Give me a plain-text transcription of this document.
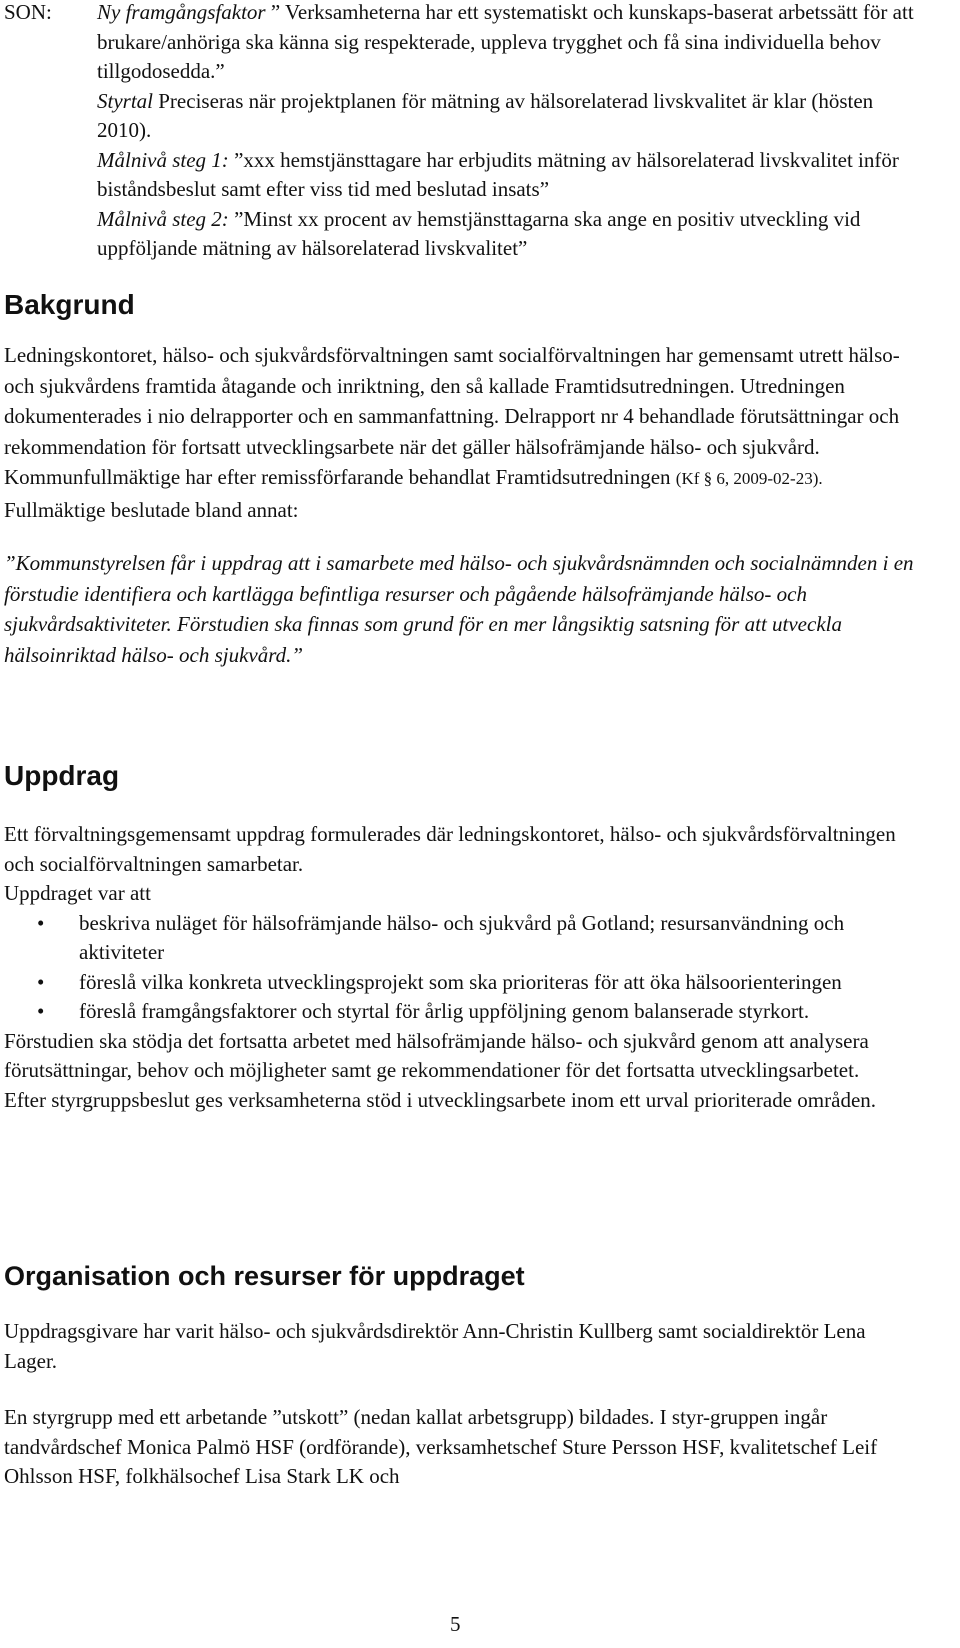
SON: Ny framgångsfaktor ” Verksamheterna har ett systematiskt och kunskaps-baserat arbetssätt för att brukare/anhöriga ska känna sig respekterade, uppleva trygghet och få sina individuella behov tillgodosedda.”

Styrtal Preciseras när projektplanen för mätning av hälsorelaterad livskvalitet är klar (hösten 2010).

Målnivå steg 1: ”xxx hemstjänsttagare har erbjudits mätning av hälsorelaterad livskvalitet inför biståndsbeslut samt efter viss tid med beslutad insats”

Målnivå steg 2: ”Minst xx procent av hemstjänsttagarna ska ange en positiv utveckling vid uppföljande mätning av hälsorelaterad livskvalitet”

Bakgrund

Ledningskontoret, hälso- och sjukvårdsförvaltningen samt socialförvaltningen har gemensamt utrett hälso- och sjukvårdens framtida åtagande och inriktning, den så kallade Framtidsutredningen. Utredningen dokumenterades i nio delrapporter och en sammanfattning. Delrapport nr 4 behandlade förutsättningar och rekommendation för fortsatt utvecklingsarbete när det gäller hälsofrämjande hälso- och sjukvård. Kommunfullmäktige har efter remissförfarande behandlat Framtidsutredningen (Kf § 6, 2009-02-23). Fullmäktige beslutade bland annat:

”Kommunstyrelsen får i uppdrag att i samarbete med hälso- och sjukvårdsnämnden och socialnämnden i en förstudie identifiera och kartlägga befintliga resurser och pågående hälsofrämjande hälso- och sjukvårdsaktiviteter. Förstudien ska finnas som grund för en mer långsiktig satsning för att utveckla hälsoinriktad hälso- och sjukvård.”

Uppdrag

Ett förvaltningsgemensamt uppdrag formulerades där ledningskontoret, hälso- och sjukvårdsförvaltningen och socialförvaltningen samarbetar.

Uppdraget var att

• beskriva nuläget för hälsofrämjande hälso- och sjukvård på Gotland; resursanvändning och aktiviteter
• föreslå vilka konkreta utvecklingsprojekt som ska prioriteras för att öka hälsoorienteringen
• föreslå framgångsfaktorer och styrtal för årlig uppföljning genom balanserade styrkort.

Förstudien ska stödja det fortsatta arbetet med hälsofrämjande hälso- och sjukvård genom att analysera förutsättningar, behov och möjligheter samt ge rekommendationer för det fortsatta utvecklingsarbetet. Efter styrgruppsbeslut ges verksamheterna stöd i utvecklingsarbete inom ett urval prioriterade områden.

Organisation och resurser för uppdraget

Uppdragsgivare har varit hälso- och sjukvårdsdirektör Ann-Christin Kullberg samt socialdirektör Lena Lager.

En styrgrupp med ett arbetande ”utskott” (nedan kallat arbetsgrupp) bildades. I styr-gruppen ingår tandvårdschef Monica Palmö HSF (ordförande), verksamhetschef Sture Persson HSF, kvalitetschef Leif Ohlsson HSF, folkhälsochef Lisa Stark LK och

5
